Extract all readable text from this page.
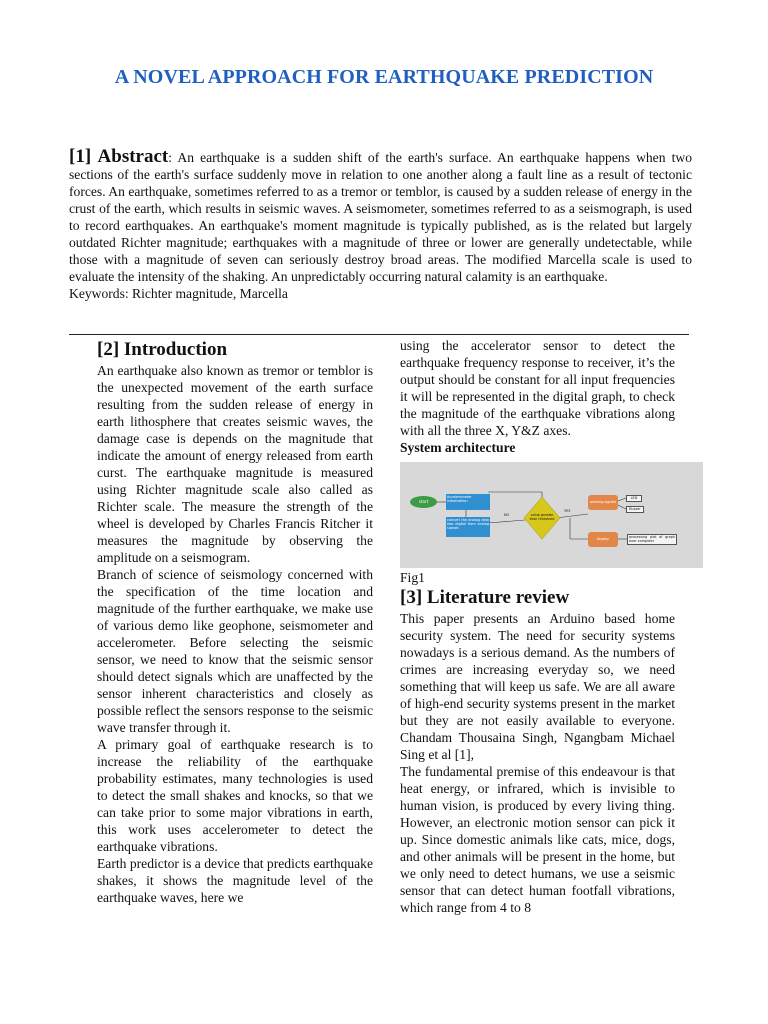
A NOVEL APPROACH FOR EARTHQUAKE PREDICTION
[1] Abstract: An earthquake is a sudden shift of the earth's surface. An earthquake happens when two sections of the earth's surface suddenly move in relation to one another along a fault line as a result of tectonic forces. An earthquake, sometimes referred to as a tremor or temblor, is caused by a sudden release of energy in the crust of the earth, which results in seismic waves. A seismometer, sometimes referred to as a seismograph, is used to record earthquakes. An earthquake's moment magnitude is typically published, as is the related but largely outdated Richter magnitude; earthquakes with a magnitude of three or lower are generally undetectable, while those with a magnitude of seven can seriously destroy broad areas. The modified Marcella scale is used to evaluate the intensity of the shaking. An unpredictably occurring natural calamity is an earthquake.
Keywords: Richter magnitude, Marcella
[2] Introduction

An earthquake also known as tremor or temblor is the unexpected movement of the earth surface resulting from the sudden release of energy in earth lithosphere that creates seismic waves, the damage case is depends on the magnitude that indicate the amount of energy released from earth curst. The earthquake magnitude is measured using Richter magnitude scale also called as Richter scale. The measure the strength of the wheel is developed by Charles Francis Ritcher it measures the magnitude by observing the amplitude on a seismogram.

Branch of science of seismology concerned with the specification of the time location and magnitude of the further earthquake, we make use of various demo like geophone, seismometer and accelerometer. Before selecting the seismic sensor, we need to know that the seismic sensor should detect signals which are unaffected by the sensor inherent characteristics and closely as possible reflect the sensors response to the seismic wave transfer through it.

A primary goal of earthquake research is to increase the reliability of the earthquake probability estimates, many technologies is used to detect the small shakes and knocks, so that we can take prior to some major vibrations in earth, this work uses accelerometer to detect the earthquake vibrations.

Earth predictor is a device that predicts earthquake shakes, it shows the magnitude level of the earthquake waves, here we

using the accelerator sensor to detect the earthquake frequency response to receiver, it’s the output should be constant for all input frequencies it will be represented in the digital graph, to check the magnitude of the earthquake vibrations along with all the three X, Y&Z axes.

System architecture
start
Accelerometer initialisation
convert the analog data into digital from analog signals
value greater than threshold
NO
YES
warning signals
display
LED
Buzzer
processing plot of graph over computer
Fig1
[3] Literature review

This paper presents an Arduino based home security system. The need for security systems nowadays is a serious demand. As the numbers of crimes are increasing everyday so, we need something that will keep us safe. We are all aware of high-end security systems present in the market but they are not easily available to everyone. Chandam Thousaina Singh, Ngangbam Michael Sing et al [1],

The fundamental premise of this endeavour is that heat energy, or infrared, which is invisible to human vision, is produced by every living thing. However, an electronic motion sensor can pick it up. Since domestic animals like cats, mice, dogs, and other animals will be present in the home, but we only need to detect humans, we use a seismic sensor that can detect human footfall vibrations, which range from 4 to 8
